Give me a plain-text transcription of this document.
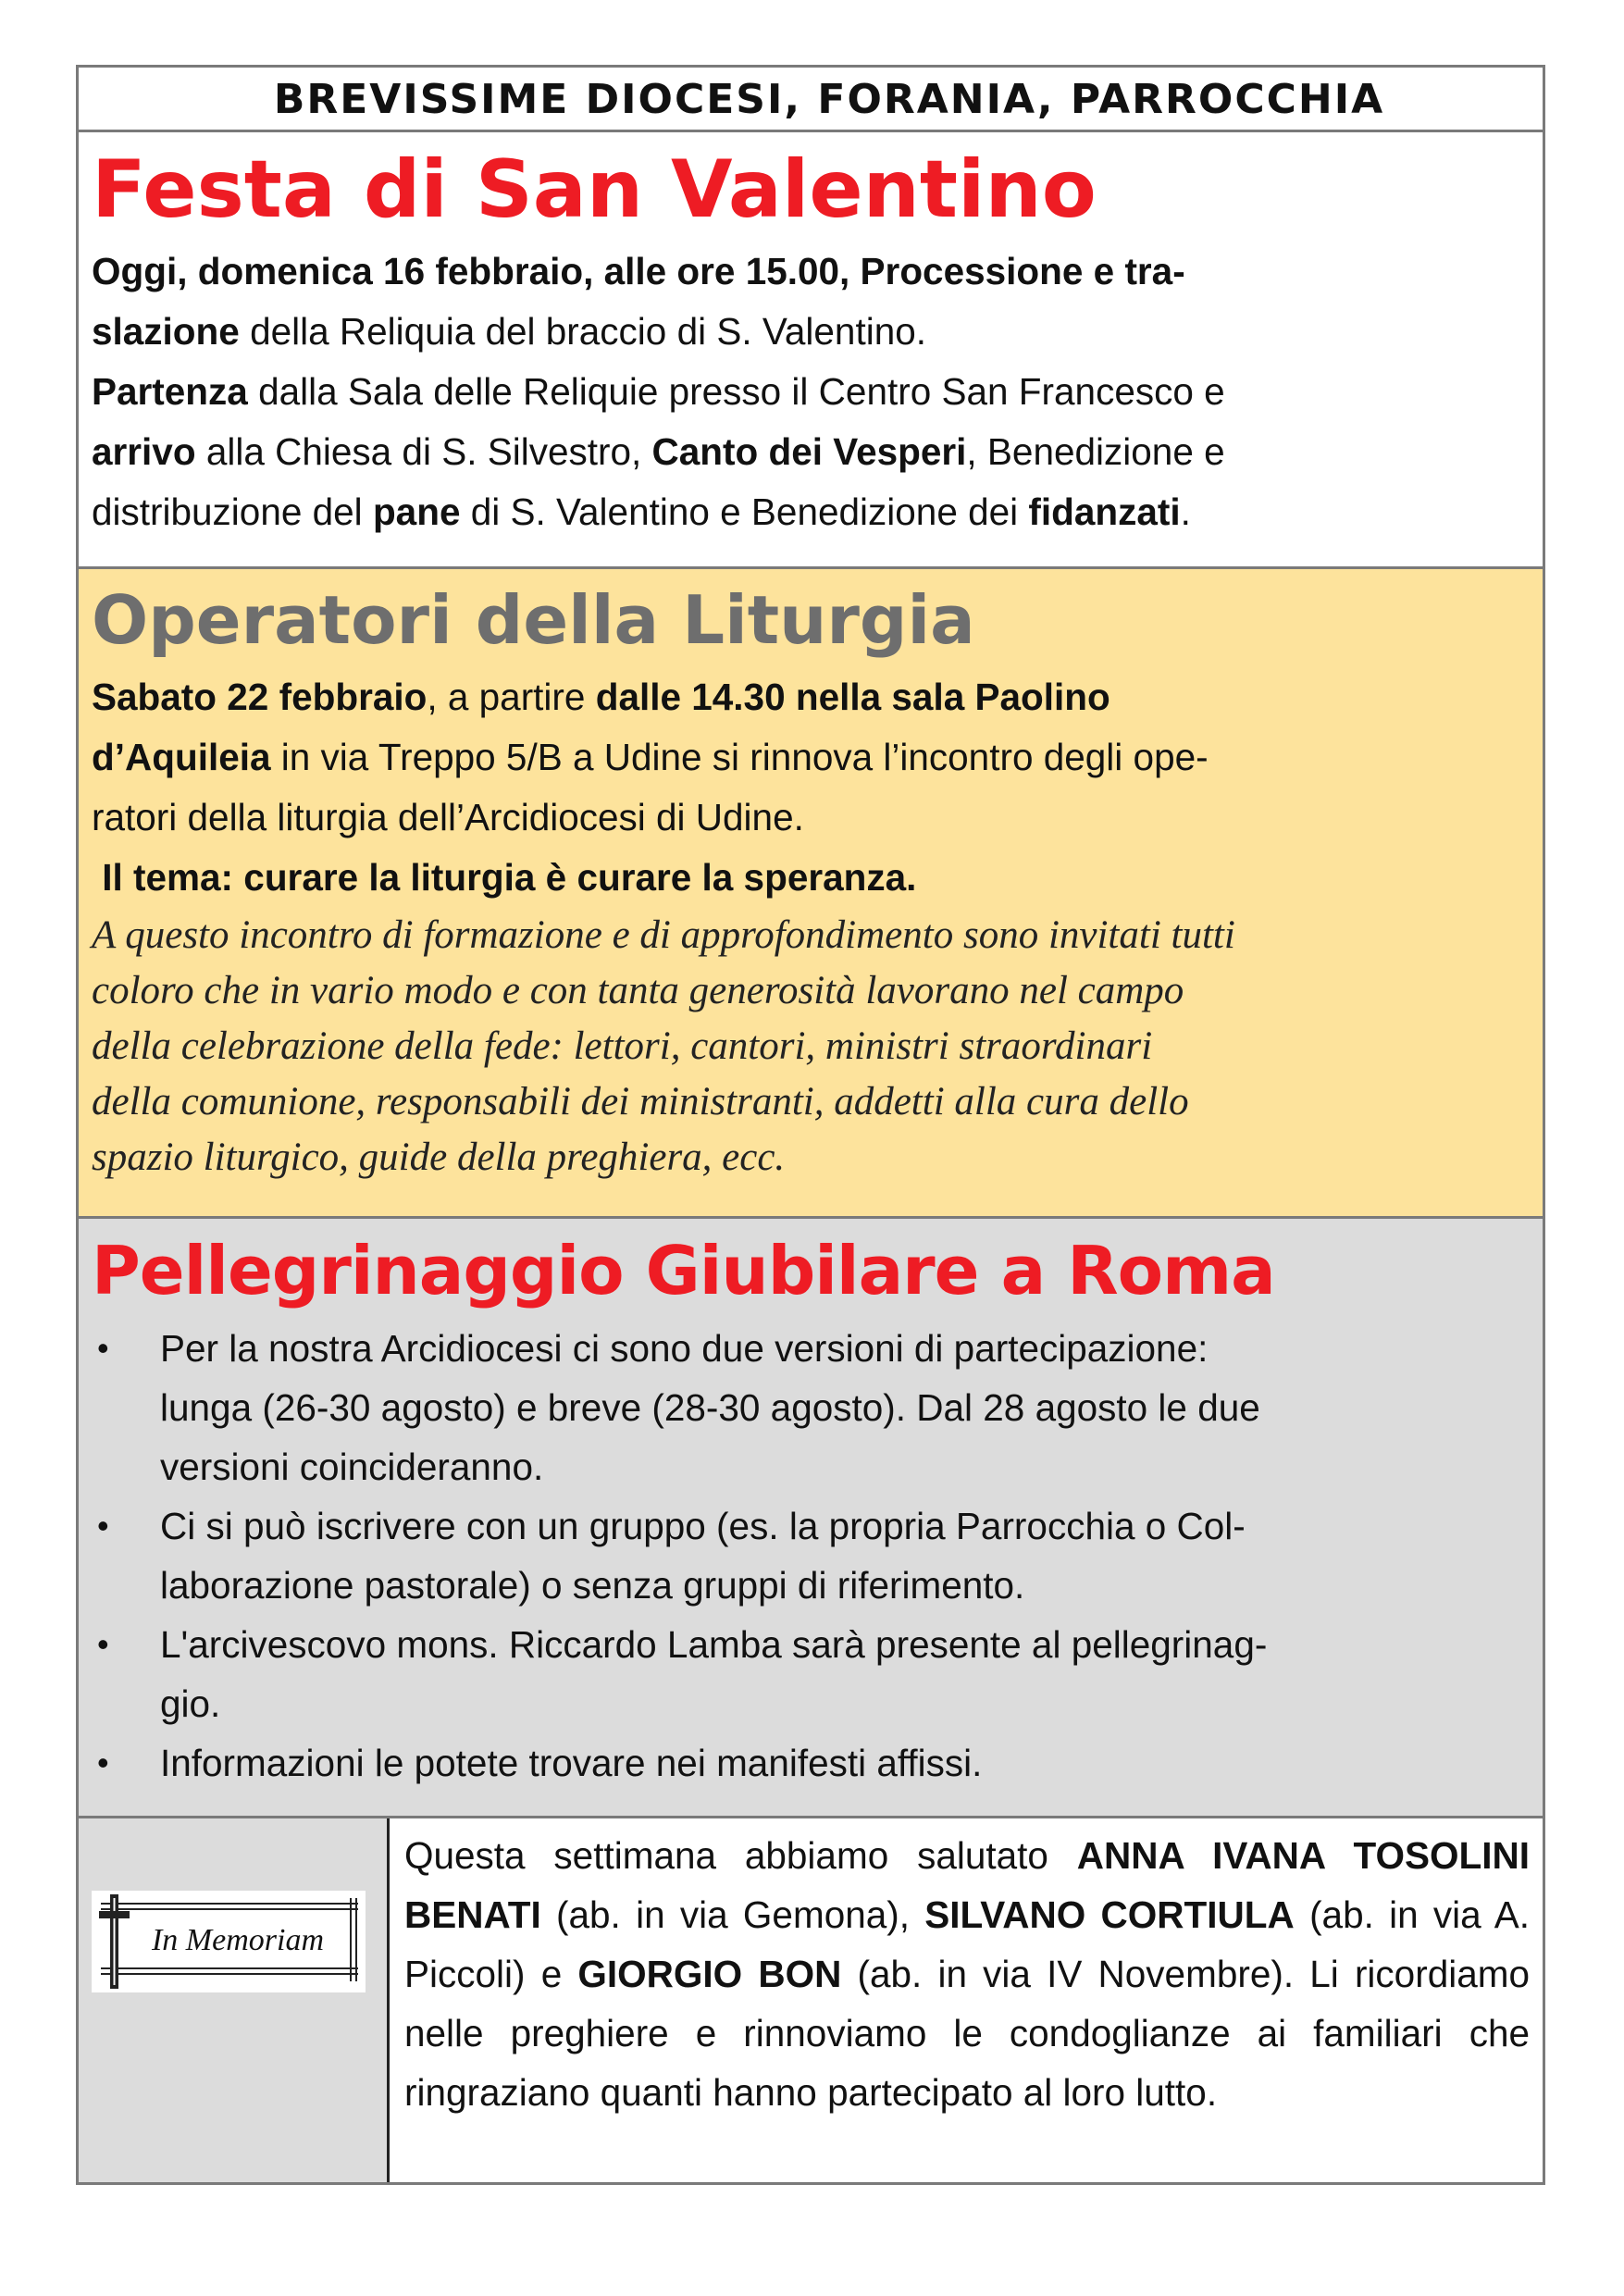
BREVISSIME DIOCESI, FORANIA, PARROCCHIA
Festa di San Valentino

Oggi, domenica 16 febbraio, alle ore 15.00, Processione e tra-
slazione della Reliquia del braccio di S. Valentino.

Partenza dalla Sala delle Reliquie presso il Centro San Francesco e
arrivo alla Chiesa di S. Silvestro, Canto dei Vesperi, Benedizione e
distribuzione del pane di S. Valentino e Benedizione dei fidanzati.

Operatori della Liturgia

Sabato 22 febbraio, a partire dalle 14.30 nella sala Paolino
d’Aquileia in via Treppo 5/B a Udine si rinnova l’incontro degli ope-
ratori della liturgia dell’Arcidiocesi di Udine.

Il tema: curare la liturgia è curare la speranza.

A questo incontro di formazione e di approfondimento sono invitati tutti
coloro che in vario modo e con tanta generosità lavorano nel campo
della celebrazione della fede: lettori, cantori, ministri straordinari
della comunione, responsabili dei ministranti, addetti alla cura dello
spazio liturgico, guide della preghiera, ecc.
Pellegrinaggio Giubilare a Roma
• Per la nostra Arcidiocesi ci sono due versioni di partecipazione:
lunga (26-30 agosto) e breve (28-30 agosto). Dal 28 agosto le due
versioni coincideranno.
• Ci si può iscrivere con un gruppo (es. la propria Parrocchia o Col-
laborazione pastorale) o senza gruppi di riferimento.
• L'arcivescovo mons. Riccardo Lamba sarà presente al pellegrinag-
gio.
• Informazioni le potete trovare nei manifesti affissi.
In Memoriam
Questa settimana abbiamo salutato ANNA IVANA TOSOLINI BENATI (ab. in via Gemona), SILVANO CORTIULA (ab. in via A. Piccoli) e GIORGIO BON (ab. in via IV Novembre). Li ricordiamo nelle preghiere e rinnoviamo le condoglianze ai familiari che ringraziano quanti hanno partecipato al loro lutto.
